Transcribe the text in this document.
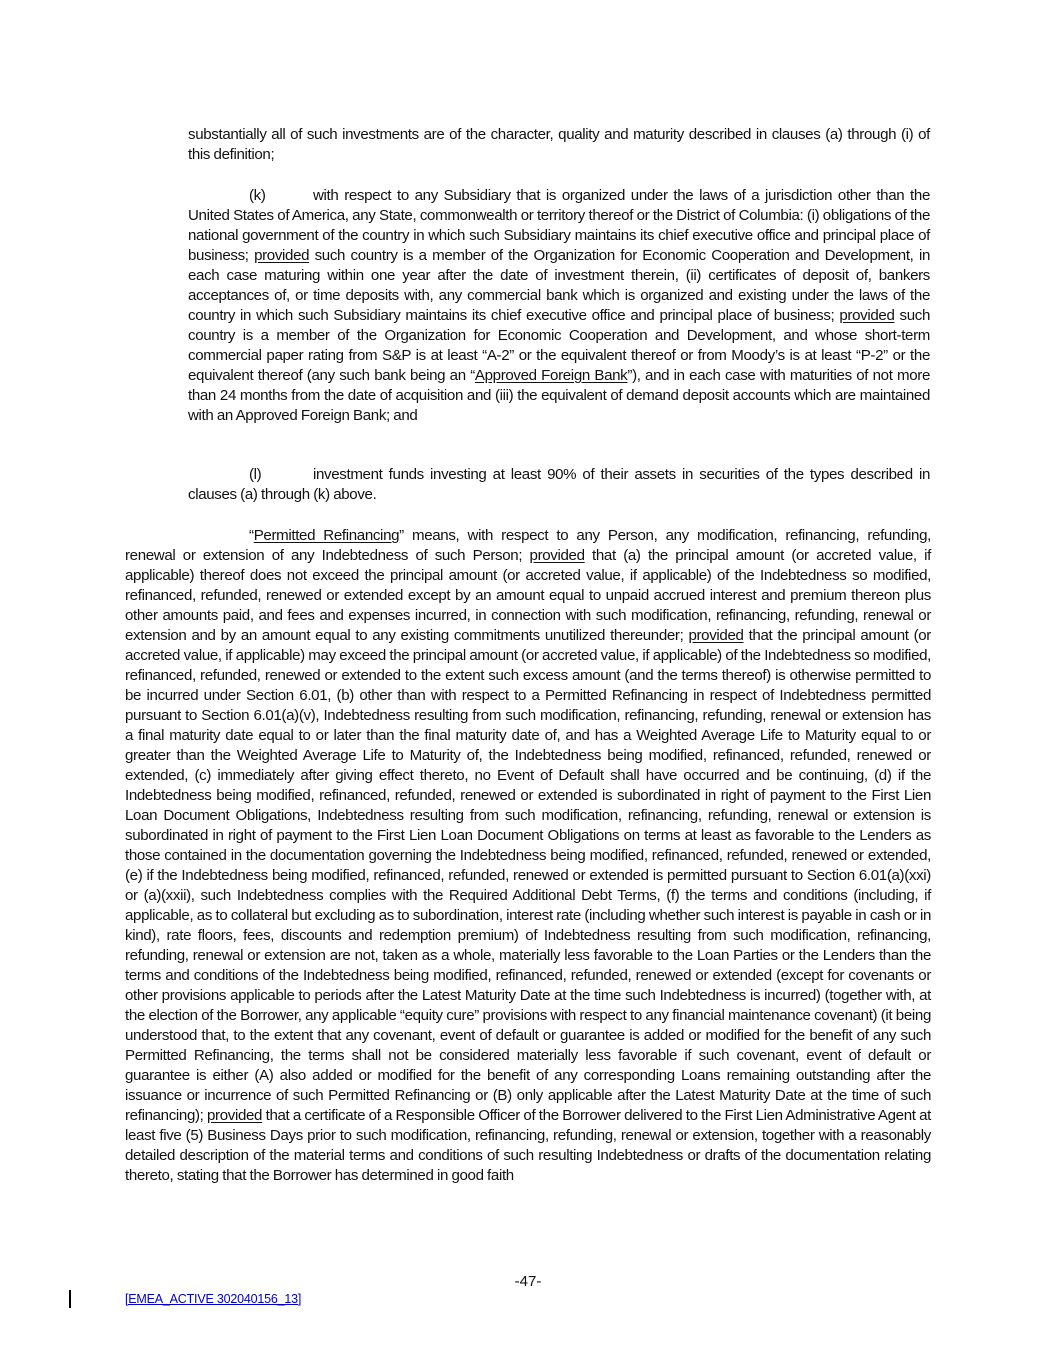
substantially all of such investments are of the character, quality and maturity described in clauses (a) through (i) of this definition;

(k)	with respect to any Subsidiary that is organized under the laws of a jurisdiction other than the United States of America, any State, commonwealth or territory thereof or the District of Columbia: (i) obligations of the national government of the country in which such Subsidiary maintains its chief executive office and principal place of business; provided such country is a member of the Organization for Economic Cooperation and Development, in each case maturing within one year after the date of investment therein, (ii) certificates of deposit of, bankers acceptances of, or time deposits with, any commercial bank which is organized and existing under the laws of the country in which such Subsidiary maintains its chief executive office and principal place of business; provided such country is a member of the Organization for Economic Cooperation and Development, and whose short-term commercial paper rating from S&P is at least “A-2” or the equivalent thereof or from Moody’s is at least “P-2” or the equivalent thereof (any such bank being an “Approved Foreign Bank”), and in each case with maturities of not more than 24 months from the date of acquisition and (iii) the equivalent of demand deposit accounts which are maintained with an Approved Foreign Bank; and

(l)	investment funds investing at least 90% of their assets in securities of the types described in clauses (a) through (k) above.

“Permitted Refinancing” means, with respect to any Person, any modification, refinancing, refunding, renewal or extension of any Indebtedness of such Person; provided that (a) the principal amount (or accreted value, if applicable) thereof does not exceed the principal amount (or accreted value, if applicable) of the Indebtedness so modified, refinanced, refunded, renewed or extended except by an amount equal to unpaid accrued interest and premium thereon plus other amounts paid, and fees and expenses incurred, in connection with such modification, refinancing, refunding, renewal or extension and by an amount equal to any existing commitments unutilized thereunder; provided that the principal amount (or accreted value, if applicable) may exceed the principal amount (or accreted value, if applicable) of the Indebtedness so modified, refinanced, refunded, renewed or extended to the extent such excess amount (and the terms thereof) is otherwise permitted to be incurred under Section 6.01, (b) other than with respect to a Permitted Refinancing in respect of Indebtedness permitted pursuant to Section 6.01(a)(v), Indebtedness resulting from such modification, refinancing, refunding, renewal or extension has a final maturity date equal to or later than the final maturity date of, and has a Weighted Average Life to Maturity equal to or greater than the Weighted Average Life to Maturity of, the Indebtedness being modified, refinanced, refunded, renewed or extended, (c) immediately after giving effect thereto, no Event of Default shall have occurred and be continuing, (d) if the Indebtedness being modified, refinanced, refunded, renewed or extended is subordinated in right of payment to the First Lien Loan Document Obligations, Indebtedness resulting from such modification, refinancing, refunding, renewal or extension is subordinated in right of payment to the First Lien Loan Document Obligations on terms at least as favorable to the Lenders as those contained in the documentation governing the Indebtedness being modified, refinanced, refunded, renewed or extended, (e) if the Indebtedness being modified, refinanced, refunded, renewed or extended is permitted pursuant to Section 6.01(a)(xxi) or (a)(xxii), such Indebtedness complies with the Required Additional Debt Terms, (f) the terms and conditions (including, if applicable, as to collateral but excluding as to subordination, interest rate (including whether such interest is payable in cash or in kind), rate floors, fees, discounts and redemption premium) of Indebtedness resulting from such modification, refinancing, refunding, renewal or extension are not, taken as a whole, materially less favorable to the Loan Parties or the Lenders than the terms and conditions of the Indebtedness being modified, refinanced, refunded, renewed or extended (except for covenants or other provisions applicable to periods after the Latest Maturity Date at the time such Indebtedness is incurred) (together with, at the election of the Borrower, any applicable “equity cure” provisions with respect to any financial maintenance covenant) (it being understood that, to the extent that any covenant, event of default or guarantee is added or modified for the benefit of any such Permitted Refinancing, the terms shall not be considered materially less favorable if such covenant, event of default or guarantee is either (A) also added or modified for the benefit of any corresponding Loans remaining outstanding after the issuance or incurrence of such Permitted Refinancing or (B) only applicable after the Latest Maturity Date at the time of such refinancing); provided that a certificate of a Responsible Officer of the Borrower delivered to the First Lien Administrative Agent at least five (5) Business Days prior to such modification, refinancing, refunding, renewal or extension, together with a reasonably detailed description of the material terms and conditions of such resulting Indebtedness or drafts of the documentation relating thereto, stating that the Borrower has determined in good faith

-47-
[EMEA_ACTIVE 302040156_13]
